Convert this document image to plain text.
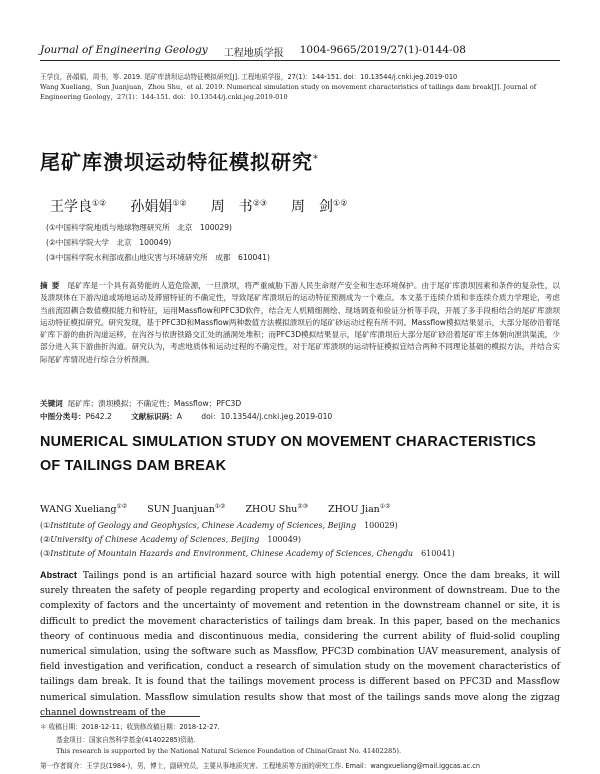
Journal of Engineering Geology 工程地质学报 1004-9665/2019/27(1)-0144-08
王学良，孙娟娟，周书，等. 2019. 尾矿库溃坝运动特征模拟研究[J]. 工程地质学报，27(1)：144-151. doi：10.13544/j.cnki.jeg.2019-010
Wang Xueliang，Sun Juanjuan，Zhou Shu，et al. 2019. Numerical simulation study on movement characteristics of tailings dam break[J]. Journal of
Engineering Geology，27(1)：144-151. doi：10.13544/j.cnki.jeg.2019-010
尾矿库溃坝运动特征模拟研究*
王学良①② 孙娟娟①② 周　书②③ 周　剑①②
(①中国科学院地质与地球物理研究所　北京　100029)
(②中国科学院大学　北京　100049)
(③中国科学院水利部成都山地灾害与环境研究所　成都　610041)
摘要 尾矿库是一个具有高势能的人造危险源，一旦溃坝，将严重威胁下游人民生命财产安全和生态环境保护。由于尾矿库溃坝因素和条件的复杂性，以及溃坝体在下游沟道或场地运动及滞留特征的不确定性，导致尾矿库溃坝后的运动特征预测成为一个难点。本文基于连续介质和非连续介质力学理论，考虑当前流固耦合数值模拟能力和特征，运用Massflow和PFC3D软件，结合无人机精细测绘、现场调查和验证分析等手段，开展了多手段相结合的尾矿库溃坝运动特征模拟研究。研究发现，基于PFC3D和Massflow两种数值方法模拟溃坝后的尾矿砂运动过程有所不同。Massflow模拟结果显示，大部分尾砂沿着尾矿库下游的曲折沟道运移，在沟谷与依唐铁路交汇处的涵洞处堆积；而PFC3D模拟结果显示，尾矿库溃坝后大部分尾矿砂沿着尾矿库主体朝向泄洪渠流，少部分进入其下游曲折沟道。研究认为，考虑地质体和运动过程的不确定性，对于尾矿库溃坝的运动特征模拟宜结合两种不同理论基础的模拟方法，并结合实际尾矿库情况进行综合分析预测。
关键词 尾矿库；溃坝模拟；不确定性；Massflow；PFC3D
中图分类号：P642.2	文献标识码：A	doi：10.13544/j.cnki.jeg.2019-010
NUMERICAL SIMULATION STUDY ON MOVEMENT CHARACTERISTICS OF TAILINGS DAM BREAK
WANG Xueliang①② SUN Juanjuan①② ZHOU Shu②③ ZHOU Jian①②
(①Institute of Geology and Geophysics, Chinese Academy of Sciences, Beijing　100029)
(②University of Chinese Academy of Sciences, Beijing　100049)
(③Institute of Mountain Hazards and Environment, Chinese Academy of Sciences, Chengdu　610041)
Abstract Tailings pond is an artificial hazard source with high potential energy. Once the dam breaks, it will surely threaten the safety of people regarding property and ecological environment of downstream. Due to the complexity of factors and the uncertainty of movement and retention in the downstream channel or site, it is difficult to predict the movement characteristics of tailings dam break. In this paper, based on the mechanics theory of continuous media and discontinuous media, considering the current ability of fluid-solid coupling numerical simulation, using the software such as Massflow, PFC3D combination UAV measurement, analysis of field investigation and verification, conduct a research of simulation study on the movement characteristics of tailings dam break. It is found that the tailings movement process is different based on PFC3D and Massflow numerical simulation. Massflow simulation results show that most of the tailings sands move along the zigzag channel downstream of the
＊ 收稿日期：2018-12-11；收到修改稿日期：2018-12-27.
基金项目：国家自然科学基金(41402285)资助.
This research is supported by the National Natural Science Foundation of China(Grant No. 41402285).
第一作者简介：王学良(1984-)，男，博士，副研究员，主要从事地质灾害、工程地质等方面的研究工作. Email：wangxueliang@mail.iggcas.ac.cn
